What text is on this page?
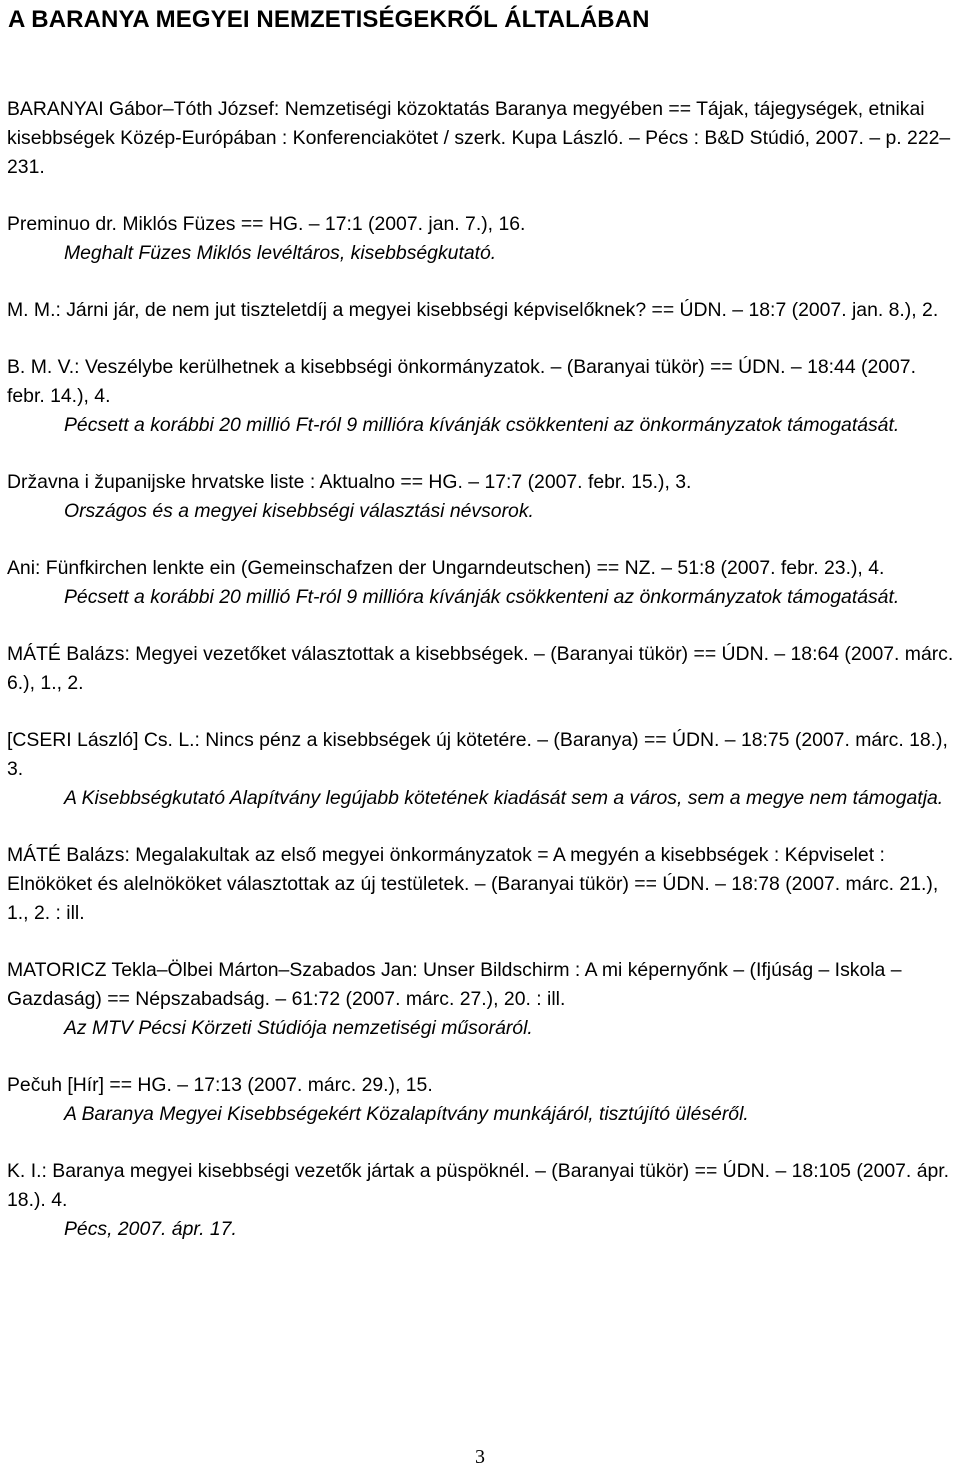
A BARANYA MEGYEI NEMZETISÉGEKRŐL ÁLTALÁBAN

BARANYAI Gábor–Tóth József: Nemzetiségi közoktatás Baranya megyében == Tájak, tájegységek, etnikai kisebbségek Közép-Európában : Konferenciakötet / szerk. Kupa László. – Pécs : B&D Stúdió, 2007. – p. 222–231.

Preminuo dr. Miklós Füzes == HG. – 17:1 (2007. jan. 7.), 16.

Meghalt Füzes Miklós levéltáros, kisebbségkutató.

M. M.: Járni jár, de nem jut tiszteletdíj a megyei kisebbségi képviselőknek? == ÚDN. – 18:7 (2007. jan. 8.), 2.

B. M. V.: Veszélybe kerülhetnek a kisebbségi önkormányzatok. – (Baranyai tükör) == ÚDN. – 18:44 (2007. febr. 14.), 4.

Pécsett a korábbi 20 millió Ft-ról 9 millióra kívánják csökkenteni az önkormányzatok támogatását.

Državna i županijske hrvatske liste : Aktualno == HG. – 17:7 (2007. febr. 15.), 3.

Országos és a megyei kisebbségi választási névsorok.

Ani: Fünfkirchen lenkte ein (Gemeinschafzen der Ungarndeutschen) == NZ. – 51:8 (2007. febr. 23.), 4.

Pécsett a korábbi 20 millió Ft-ról 9 millióra kívánják csökkenteni az önkormányzatok támogatását.

MÁTÉ Balázs: Megyei vezetőket választottak a kisebbségek. – (Baranyai tükör) == ÚDN. – 18:64 (2007. márc. 6.), 1., 2.

[CSERI László] Cs. L.: Nincs pénz a kisebbségek új kötetére. – (Baranya) == ÚDN. – 18:75 (2007. márc. 18.), 3.

A Kisebbségkutató Alapítvány legújabb kötetének kiadását sem a város, sem a megye nem támogatja.

MÁTÉ Balázs: Megalakultak az első megyei önkormányzatok = A megyén a kisebbségek : Képviselet : Elnököket és alelnököket választottak az új testületek. – (Baranyai tükör) == ÚDN. – 18:78 (2007. márc. 21.), 1., 2. : ill.

MATORICZ Tekla–Ölbei Márton–Szabados Jan: Unser Bildschirm : A mi képernyőnk – (Ifjúság – Iskola – Gazdaság) == Népszabadság. – 61:72 (2007. márc. 27.), 20. : ill.

Az MTV Pécsi Körzeti Stúdiója nemzetiségi műsoráról.

Pečuh [Hír] == HG. – 17:13 (2007. márc. 29.), 15.

A Baranya Megyei Kisebbségekért Közalapítvány munkájáról, tisztújító üléséről.

K. I.: Baranya megyei kisebbségi vezetők jártak a püspöknél. – (Baranyai tükör) == ÚDN. – 18:105 (2007. ápr. 18.). 4.

Pécs, 2007. ápr. 17.

3
